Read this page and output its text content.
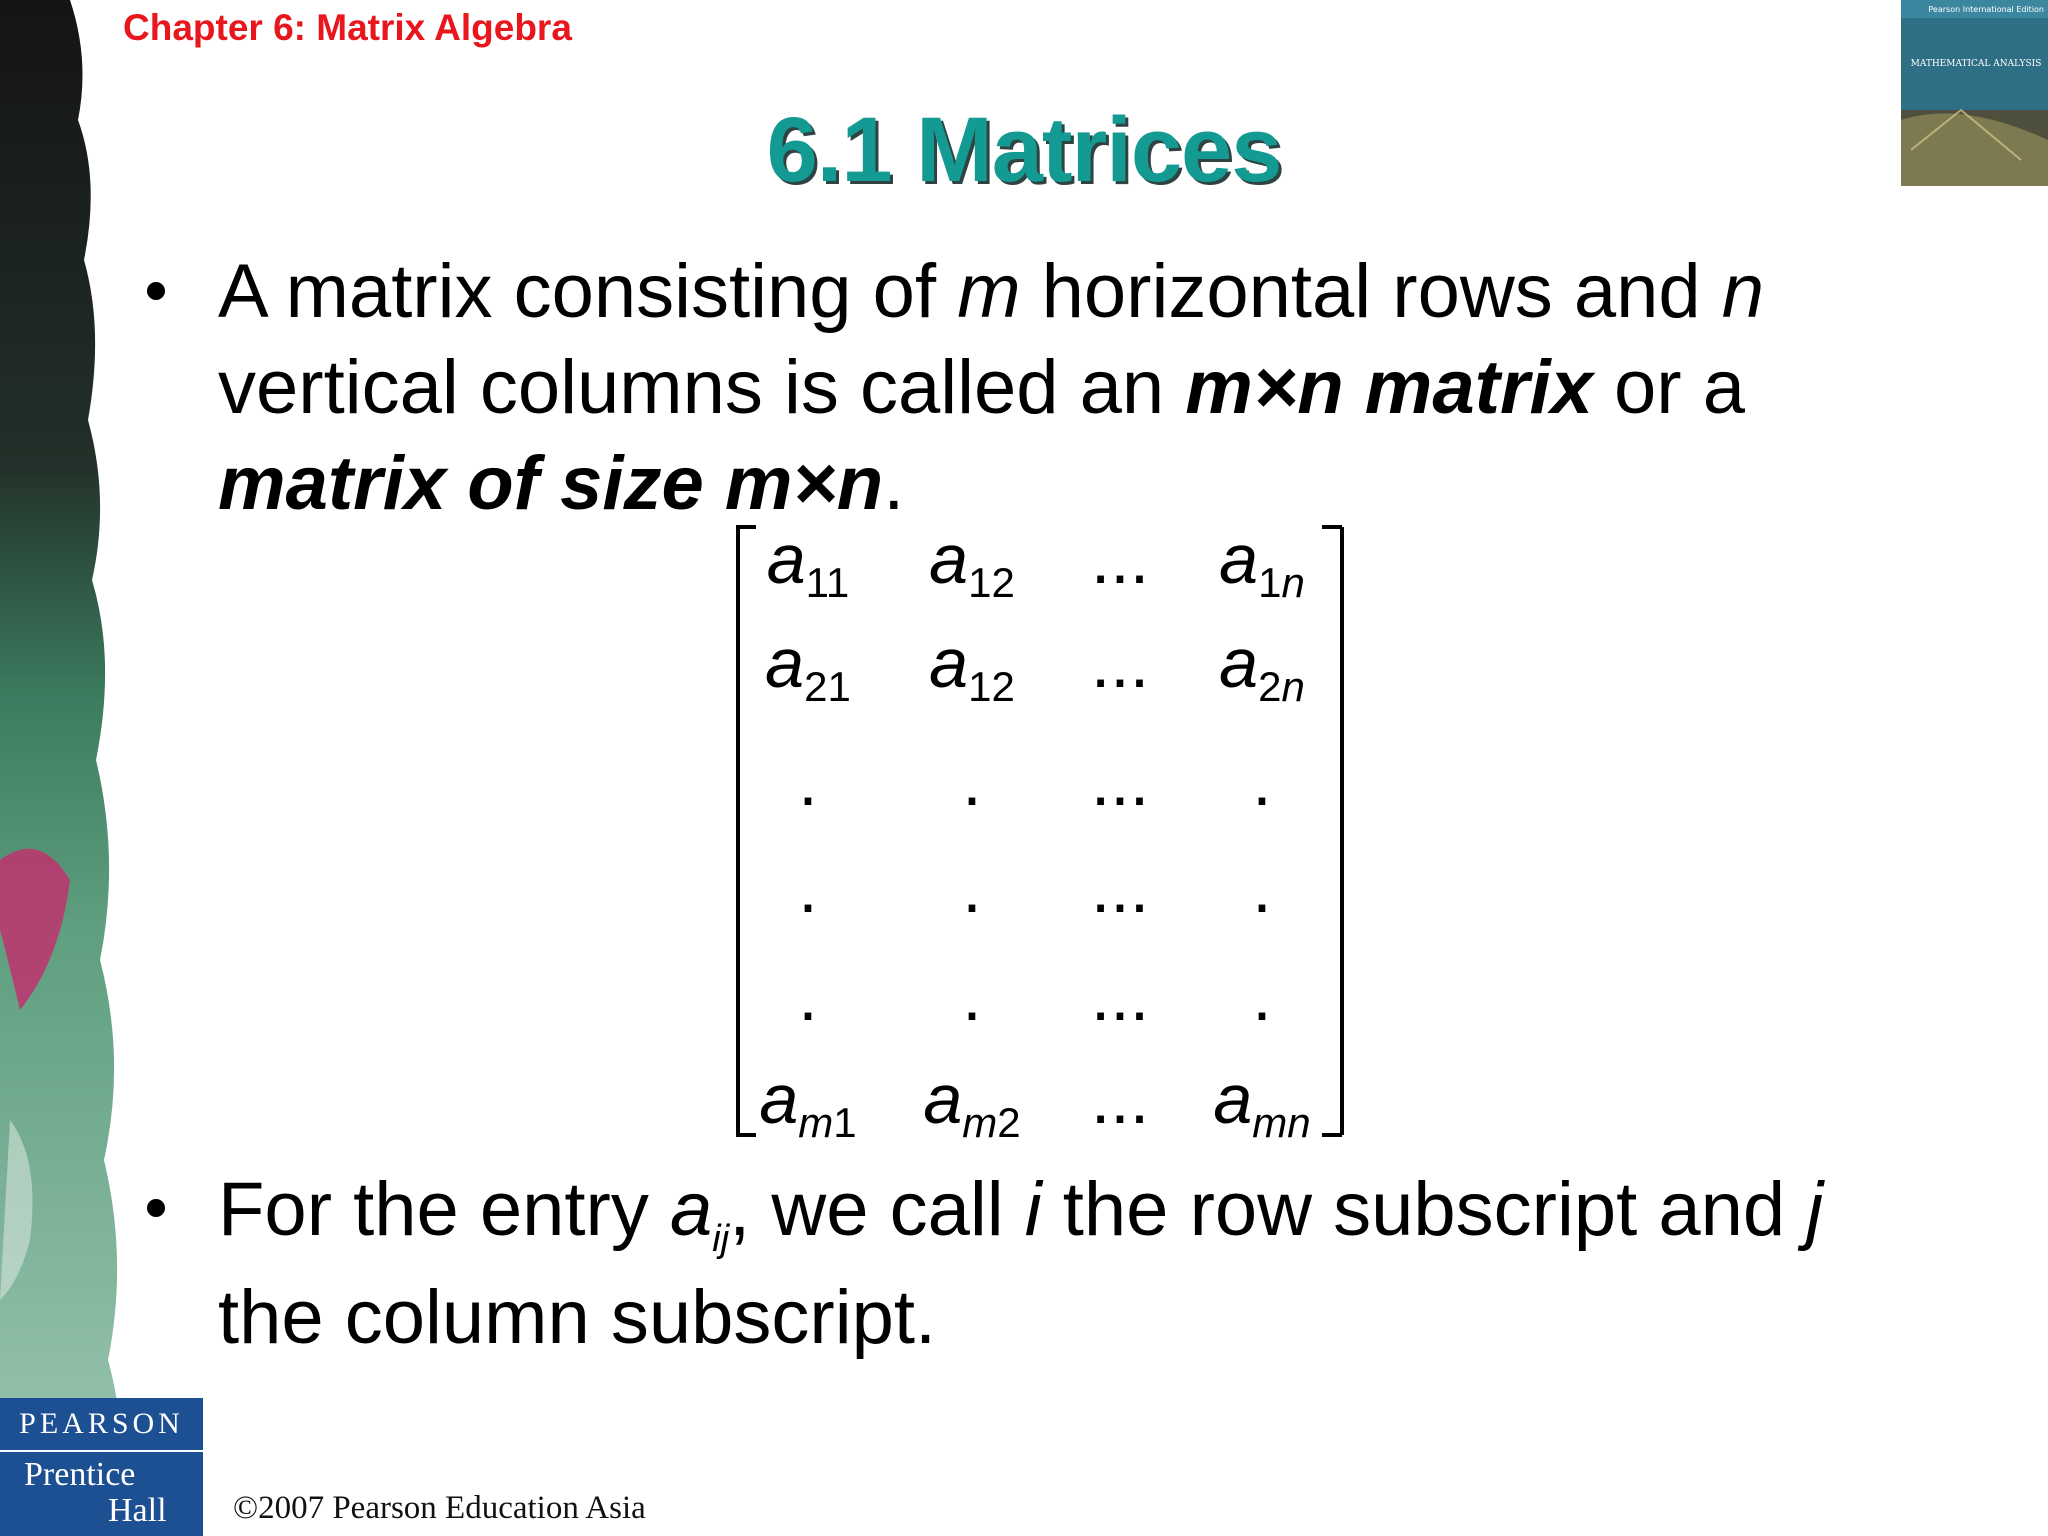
Chapter 6: Matrix Algebra	Pearson International Edition
MATHEMATICAL ANALYSIS
6.1 Matrices
A matrix consisting of m horizontal rows and n
vertical columns is called an m×n matrix or a
matrix of size m×n.
$a_{11}$ $a_{12}$ ... $a_1n$
$a_{21}$ $a_{12}$ ... $a_2n$
. . ... .
. . ... .
. . ... .
$a_m1$ $a_m2$ ... $a_{mn}$
For the entry $a_{ij}$, we call i the row subscript and j
the column subscript.
PEARSON
Prentice
Hall ©2007 Pearson Education Asia
